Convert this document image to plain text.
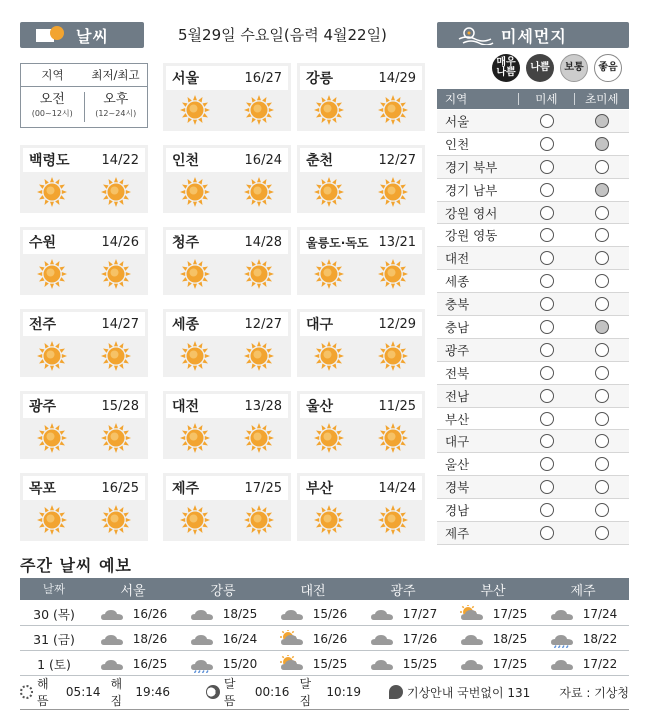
날씨	5월29일 수요일(음력 4월22일)	미세먼지
지역	최저/최고
오전
(00~12시)
오후
(12~24시)
서울	16/27	강릉	14/29
백령도	14/22	인천	16/24	춘천	12/27
수원	14/26	청주	14/28	울릉도·독도 13/21
전주	14/27	세종	12/27	대구	12/29
광주	15/28	대전	13/28	울산	11/25
목포	16/25	제주	17/25	부산	14/24
매우
나쁨	나쁨	보통	좋음
지역	미세	초미세
서울
인천
경기 북부
경기 남부
강원 영서
강원 영동
대전
세종
충북
충남
광주
전북
전남
부산
대구
울산
경북
경남
제주
주간 날씨 예보
날짜	서울	강릉	대전	광주	부산	제주
30 (목)	16/26	18/25	15/26	17/27	17/25	17/24
31 (금)	18/26	16/24	16/26	17/26	18/25	18/22
1 (토)	16/25	15/20	15/25	15/25	17/25	17/22
해뜸
05:14
해짐
19:46
달뜸
00:16
달짐
10:19	기상안내 국번없이 131 자료 : 기상청
